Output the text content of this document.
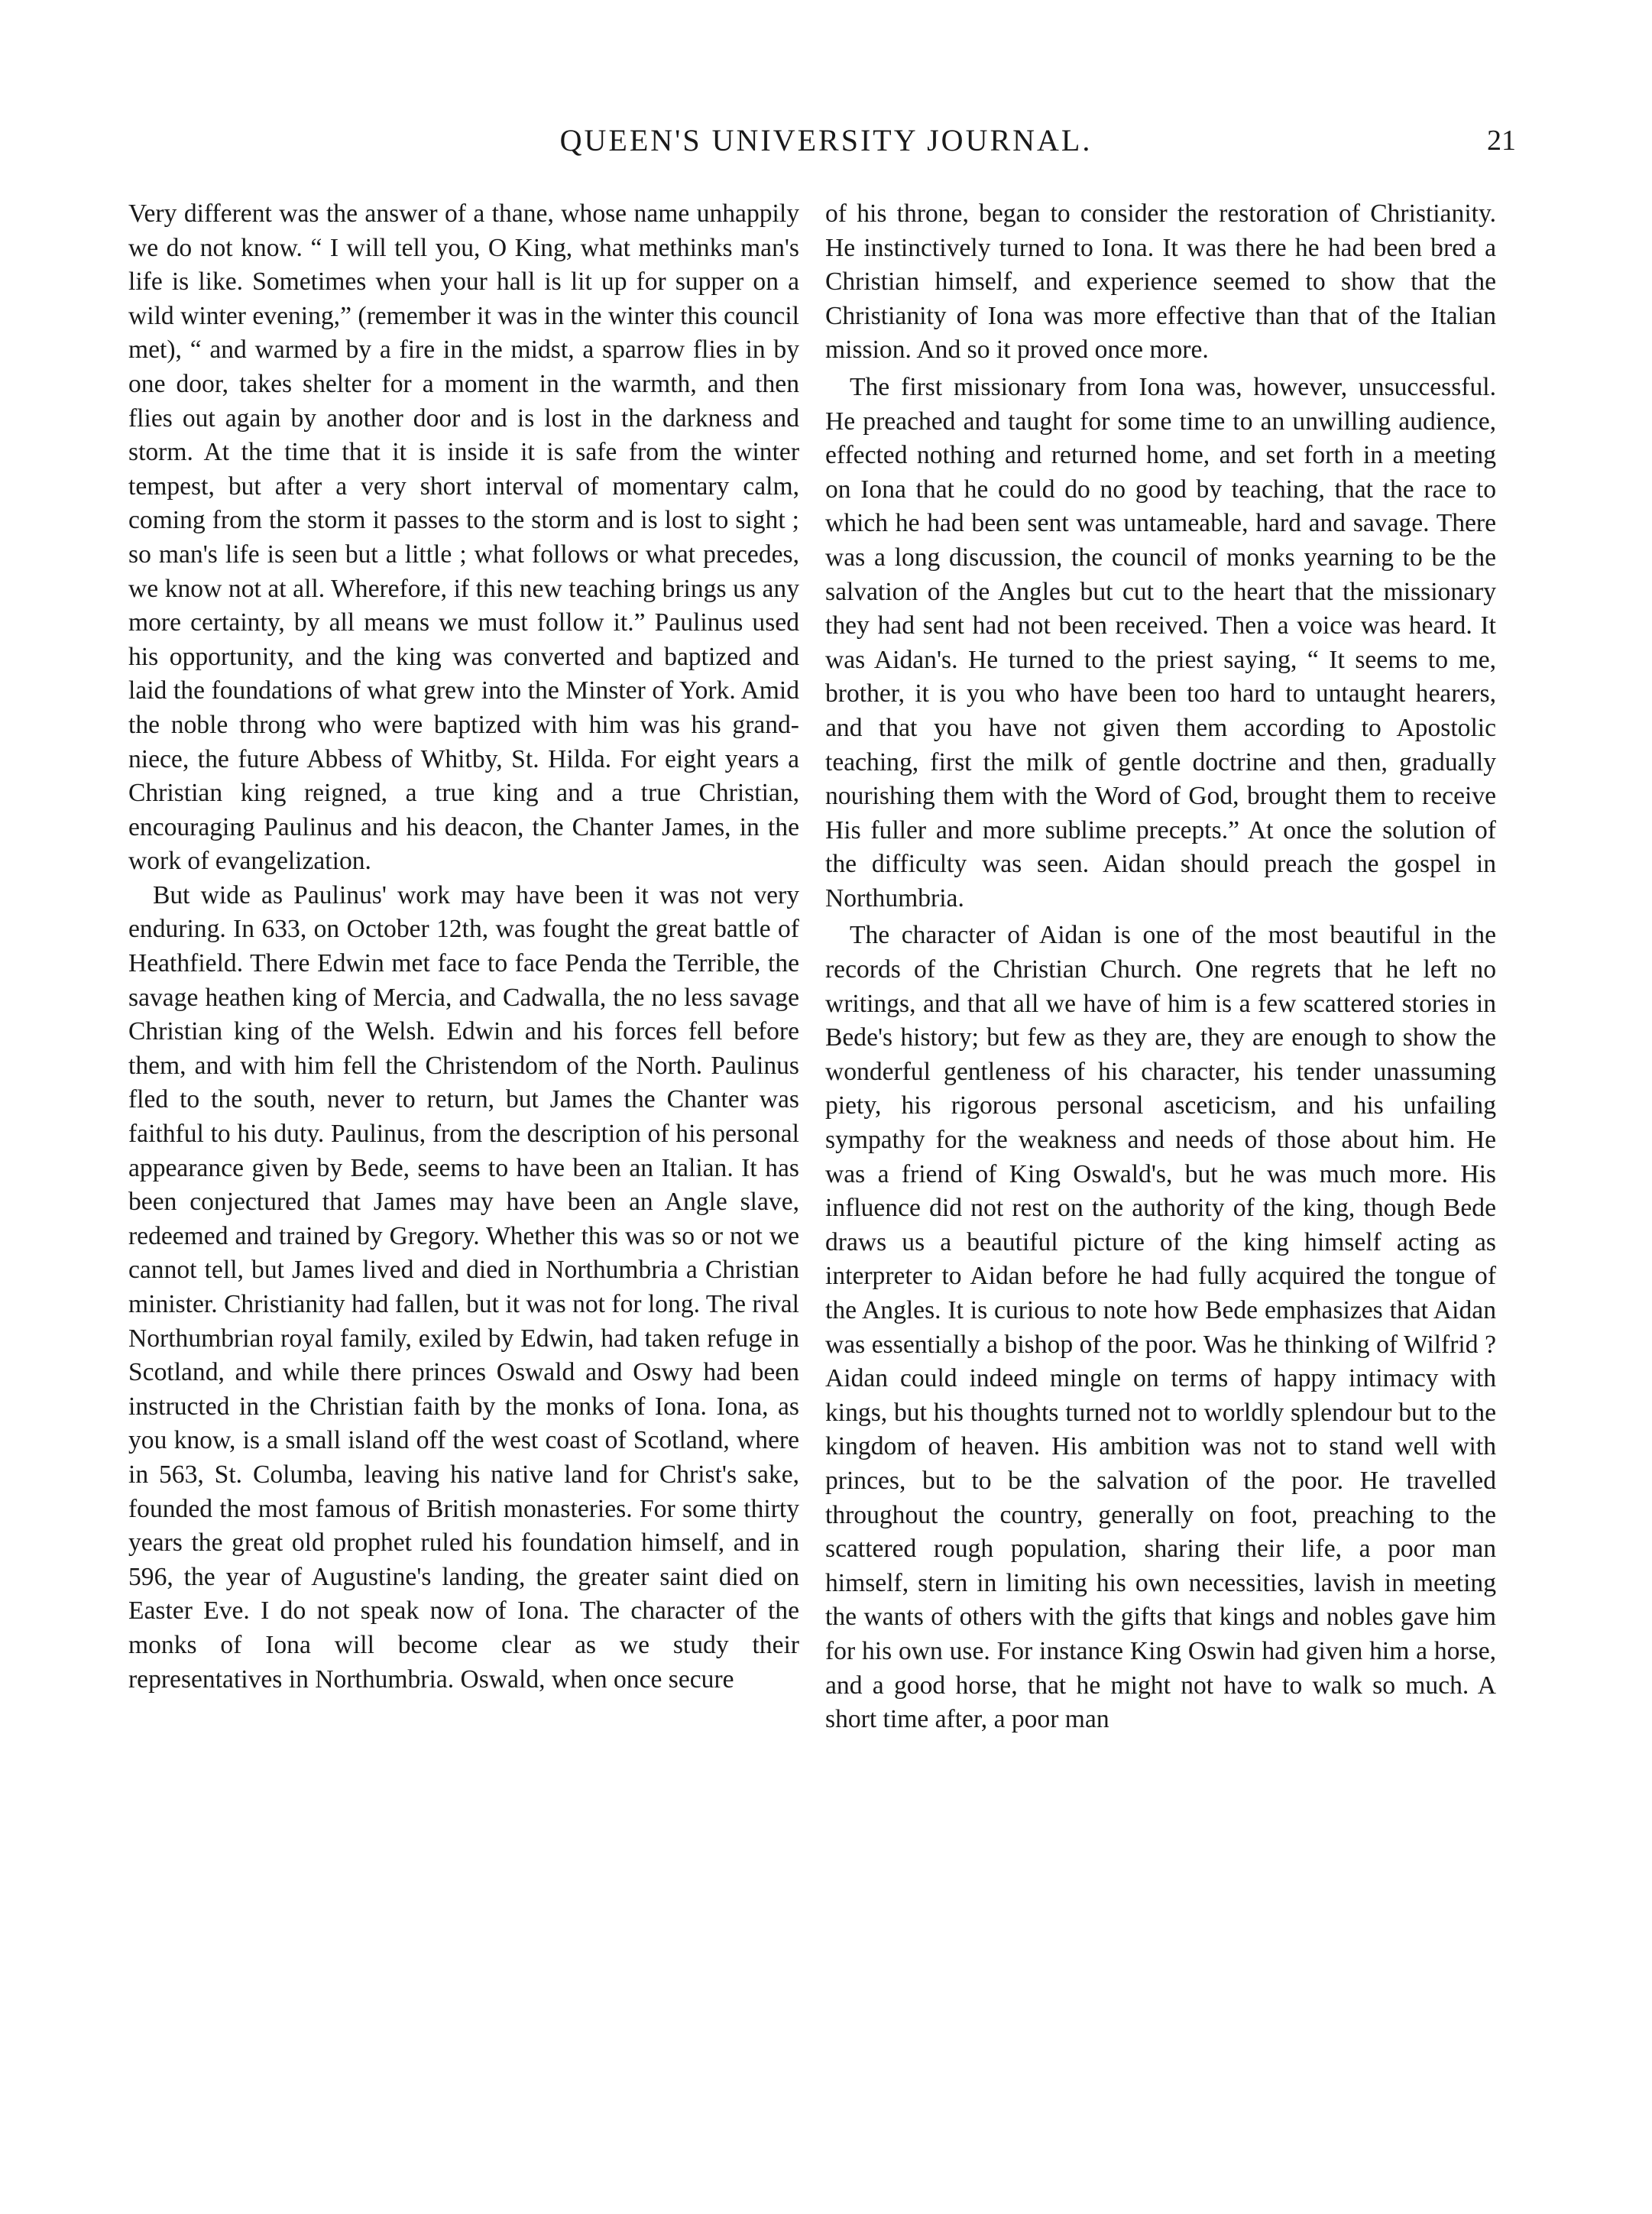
QUEEN'S UNIVERSITY JOURNAL.	21

Very different was the answer of a thane, whose name unhappily we do not know. “ I will tell you, O King, what methinks man's life is like. Sometimes when your hall is lit up for supper on a wild winter evening,” (remember it was in the winter this council met), “ and warmed by a fire in the midst, a sparrow flies in by one door, takes shelter for a moment in the warmth, and then flies out again by another door and is lost in the darkness and storm. At the time that it is inside it is safe from the winter tempest, but after a very short interval of momentary calm, coming from the storm it passes to the storm and is lost to sight ; so man's life is seen but a little ; what follows or what precedes, we know not at all. Wherefore, if this new teaching brings us any more certainty, by all means we must follow it.” Paulinus used his opportunity, and the king was converted and baptized and laid the foundations of what grew into the Minster of York. Amid the noble throng who were baptized with him was his grand-niece, the future Abbess of Whitby, St. Hilda. For eight years a Christian king reigned, a true king and a true Christian, encouraging Paulinus and his deacon, the Chanter James, in the work of evangelization.

But wide as Paulinus' work may have been it was not very enduring. In 633, on October 12th, was fought the great battle of Heathfield. There Edwin met face to face Penda the Terrible, the savage heathen king of Mercia, and Cadwalla, the no less savage Christian king of the Welsh. Edwin and his forces fell before them, and with him fell the Christendom of the North. Paulinus fled to the south, never to return, but James the Chanter was faithful to his duty. Paulinus, from the description of his personal appearance given by Bede, seems to have been an Italian. It has been conjectured that James may have been an Angle slave, redeemed and trained by Gregory. Whether this was so or not we cannot tell, but James lived and died in Northumbria a Christian minister. Christianity had fallen, but it was not for long. The rival Northumbrian royal family, exiled by Edwin, had taken refuge in Scotland, and while there princes Oswald and Oswy had been instructed in the Christian faith by the monks of Iona. Iona, as you know, is a small island off the west coast of Scotland, where in 563, St. Columba, leaving his native land for Christ's sake, founded the most famous of British monasteries. For some thirty years the great old prophet ruled his foundation himself, and in 596, the year of Augustine's landing, the greater saint died on Easter Eve. I do not speak now of Iona. The character of the monks of Iona will become clear as we study their representatives in Northumbria. Oswald, when once secure

of his throne, began to consider the restoration of Christianity. He instinctively turned to Iona. It was there he had been bred a Christian himself, and experience seemed to show that the Christianity of Iona was more effective than that of the Italian mission. And so it proved once more.

The first missionary from Iona was, however, unsuccessful. He preached and taught for some time to an unwilling audience, effected nothing and returned home, and set forth in a meeting on Iona that he could do no good by teaching, that the race to which he had been sent was untameable, hard and savage. There was a long discussion, the council of monks yearning to be the salvation of the Angles but cut to the heart that the missionary they had sent had not been received. Then a voice was heard. It was Aidan's. He turned to the priest saying, “ It seems to me, brother, it is you who have been too hard to untaught hearers, and that you have not given them according to Apostolic teaching, first the milk of gentle doctrine and then, gradually nourishing them with the Word of God, brought them to receive His fuller and more sublime precepts.” At once the solution of the difficulty was seen. Aidan should preach the gospel in Northumbria.

The character of Aidan is one of the most beautiful in the records of the Christian Church. One regrets that he left no writings, and that all we have of him is a few scattered stories in Bede's history; but few as they are, they are enough to show the wonderful gentleness of his character, his tender unassuming piety, his rigorous personal asceticism, and his unfailing sympathy for the weakness and needs of those about him. He was a friend of King Oswald's, but he was much more. His influence did not rest on the authority of the king, though Bede draws us a beautiful picture of the king himself acting as interpreter to Aidan before he had fully acquired the tongue of the Angles. It is curious to note how Bede emphasizes that Aidan was essentially a bishop of the poor. Was he thinking of Wilfrid ? Aidan could indeed mingle on terms of happy intimacy with kings, but his thoughts turned not to worldly splendour but to the kingdom of heaven. His ambition was not to stand well with princes, but to be the salvation of the poor. He travelled throughout the country, generally on foot, preaching to the scattered rough population, sharing their life, a poor man himself, stern in limiting his own necessities, lavish in meeting the wants of others with the gifts that kings and nobles gave him for his own use. For instance King Oswin had given him a horse, and a good horse, that he might not have to walk so much. A short time after, a poor man
